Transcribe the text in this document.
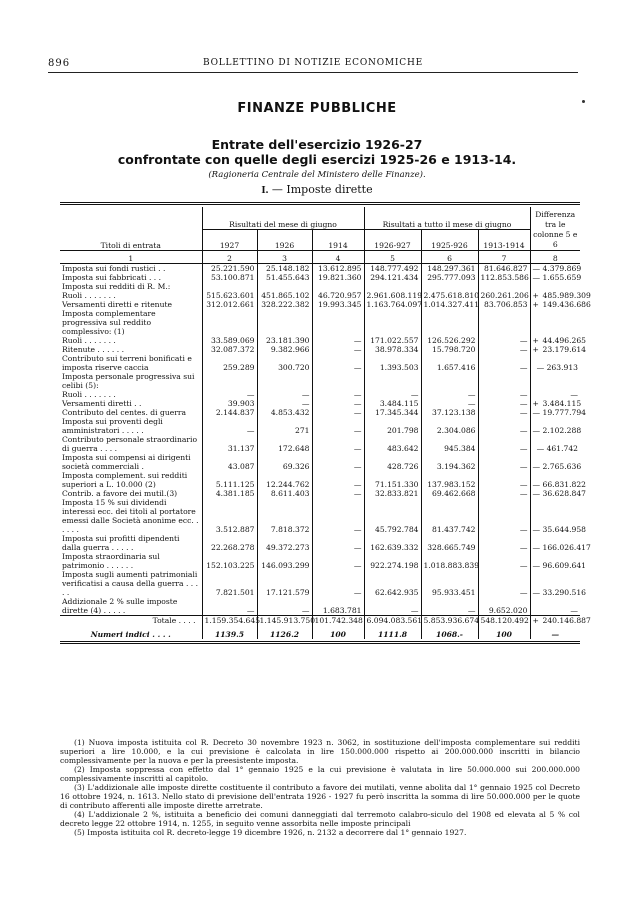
896	BOLLETTINO DI NOTIZIE ECONOMICHE
FINANZE PUBBLICHE
Entrate dell'esercizio 1926-27
confrontate con quelle degli esercizi 1925-26 e 1913-14.
(Ragioneria Centrale del Ministero delle Finanze).
I. — Imposte dirette

Titoli di entrata	Risultati del mese di giugno			Risultati a tutto il mese di giugno			Differenza tra le colonne 5 e 6
	1927	1926	1914	1926-927	1925-926	1913-1914	
1	2	3	4	5	6	7	8
Imposta sui fondi rustici . .	25.221.590	25.148.182	13.612.895	148.777.492	148.297.361	81.646.827	— 4.379.869
Imposta sui fabbricati . . .	53.100.871	51.455.643	19.821.360	294.121.434	295.777.093	112.853.586	— 1.655.659
Imposta sui redditi di R. M.:							
Ruoli . . . . . . .	515.623.601	451.865.102	46.720.957	2.961.608.119	2.475.618.810	260.261.206	+ 485.989.309
Versamenti diretti e ritenute	312.012.661	328.222.382	19.993.345	1.163.764.097	1.014.327.411	83.706.853	+ 149.436.686
Imposta complementare progressiva sul reddito complessivo: (1)							
Ruoli . . . . . . .	33.589.069	23.181.390	—	171.022.557	126.526.292	—	+ 44.496.265
Ritenute . . . . . .	32.087.372	9.382.966	—	38.978.334	15.798.720	—	+ 23.179.614
Contributo sui terreni bonificati e imposta riserve caccia	259.289	300.720	—	1.393.503	1.657.416	—	— 263.913
Imposta personale progressiva sui celibi (5):							
Ruoli . . . . . . .	—	—	—	—	—	—	—
Versamenti diretti . .	39.903	—	—	3.484.115	—	—	+ 3.484.115
Contributo del centes. di guerra	2.144.837	4.853.432	—	17.345.344	37.123.138	—	— 19.777.794
Imposta sui proventi degli amministratori . . . . .	—	271	—	201.798	2.304.086	—	— 2.102.288
Contributo personale straordinario di guerra . . . .	31.137	172.648	—	483.642	945.384	—	— 461.742
Imposta sui compensi ai dirigenti società commerciali .	43.087	69.326	—	428.726	3.194.362	—	— 2.765.636
Imposta complement. sui redditi superiori a L. 10.000 (2)	5.111.125	12.244.762	—	71.151.330	137.983.152	—	— 66.831.822
Contrib. a favore dei mutil.(3)	4.381.185	8.611.403	—	32.833.821	69.462.668	—	— 36.628.847
Imposta 15 % sui dividendi interessi ecc. dei titoli al portatore emessi dalle Società anonime ecc. . . . . .	3.512.887	7.818.372	—	45.792.784	81.437.742	—	— 35.644.958
Imposta sui profitti dipendenti dalla guerra . . . . .	22.268.278	49.372.273	—	162.639.332	328.665.749	—	— 166.026.417
Imposta straordinaria sul patrimonio . . . . . .	152.103.225	146.093.299	—	922.274.198	1.018.883.839	—	— 96.609.641
Imposta sugli aumenti patrimoniali verificatisi a causa della guerra . . . . .	7.821.501	17.121.579	—	62.642.935	95.933.451	—	— 33.290.516
Addizionale 2 % sulle imposte dirette (4) . . . . .	—	—	1.683.781	—	—	9.652.020	—
Totale . . . .	1.159.354.645	1.145.913.750	101.742.348	6.094.083.561	5.853.936.674	548.120.492	+ 240.146.887
Numeri indici . . . .	1139.5	1126.2	100	1111.8	1068.-	100	—

(1) Nuova imposta istituita col R. Decreto 30 novembre 1923 n. 3062, in sostituzione dell'imposta complementare sui redditi superiori a lire 10.000, e la cui previsione è calcolata in lire 150.000.000 rispetto ai 200.000.000 inscritti in bilancio complessivamente per la nuova e per la preesistente imposta.

(2) Imposta soppressa con effetto dal 1° gennaio 1925 e la cui previsione è valutata in lire 50.000.000 sui 200.000.000 complessivamente inscritti al capitolo.

(3) L'addizionale alle imposte dirette costituente il contributo a favore dei mutilati, venne abolita dal 1° gennaio 1925 col Decreto 16 ottobre 1924, n. 1613. Nello stato di previsione dell'entrata 1926 - 1927 fu però inscritta la somma di lire 50.000.000 per le quote di contributo afferenti alle imposte dirette arretrate.

(4) L'addizionale 2 %, istituita a beneficio dei comuni danneggiati dal terremoto calabro-siculo del 1908 ed elevata al 5 % col decreto legge 22 ottobre 1914, n. 1255, in seguito venne assorbita nelle imposte principali

(5) Imposta istituita col R. decreto-legge 19 dicembre 1926, n. 2132 a decorrere dal 1° gennaio 1927.
